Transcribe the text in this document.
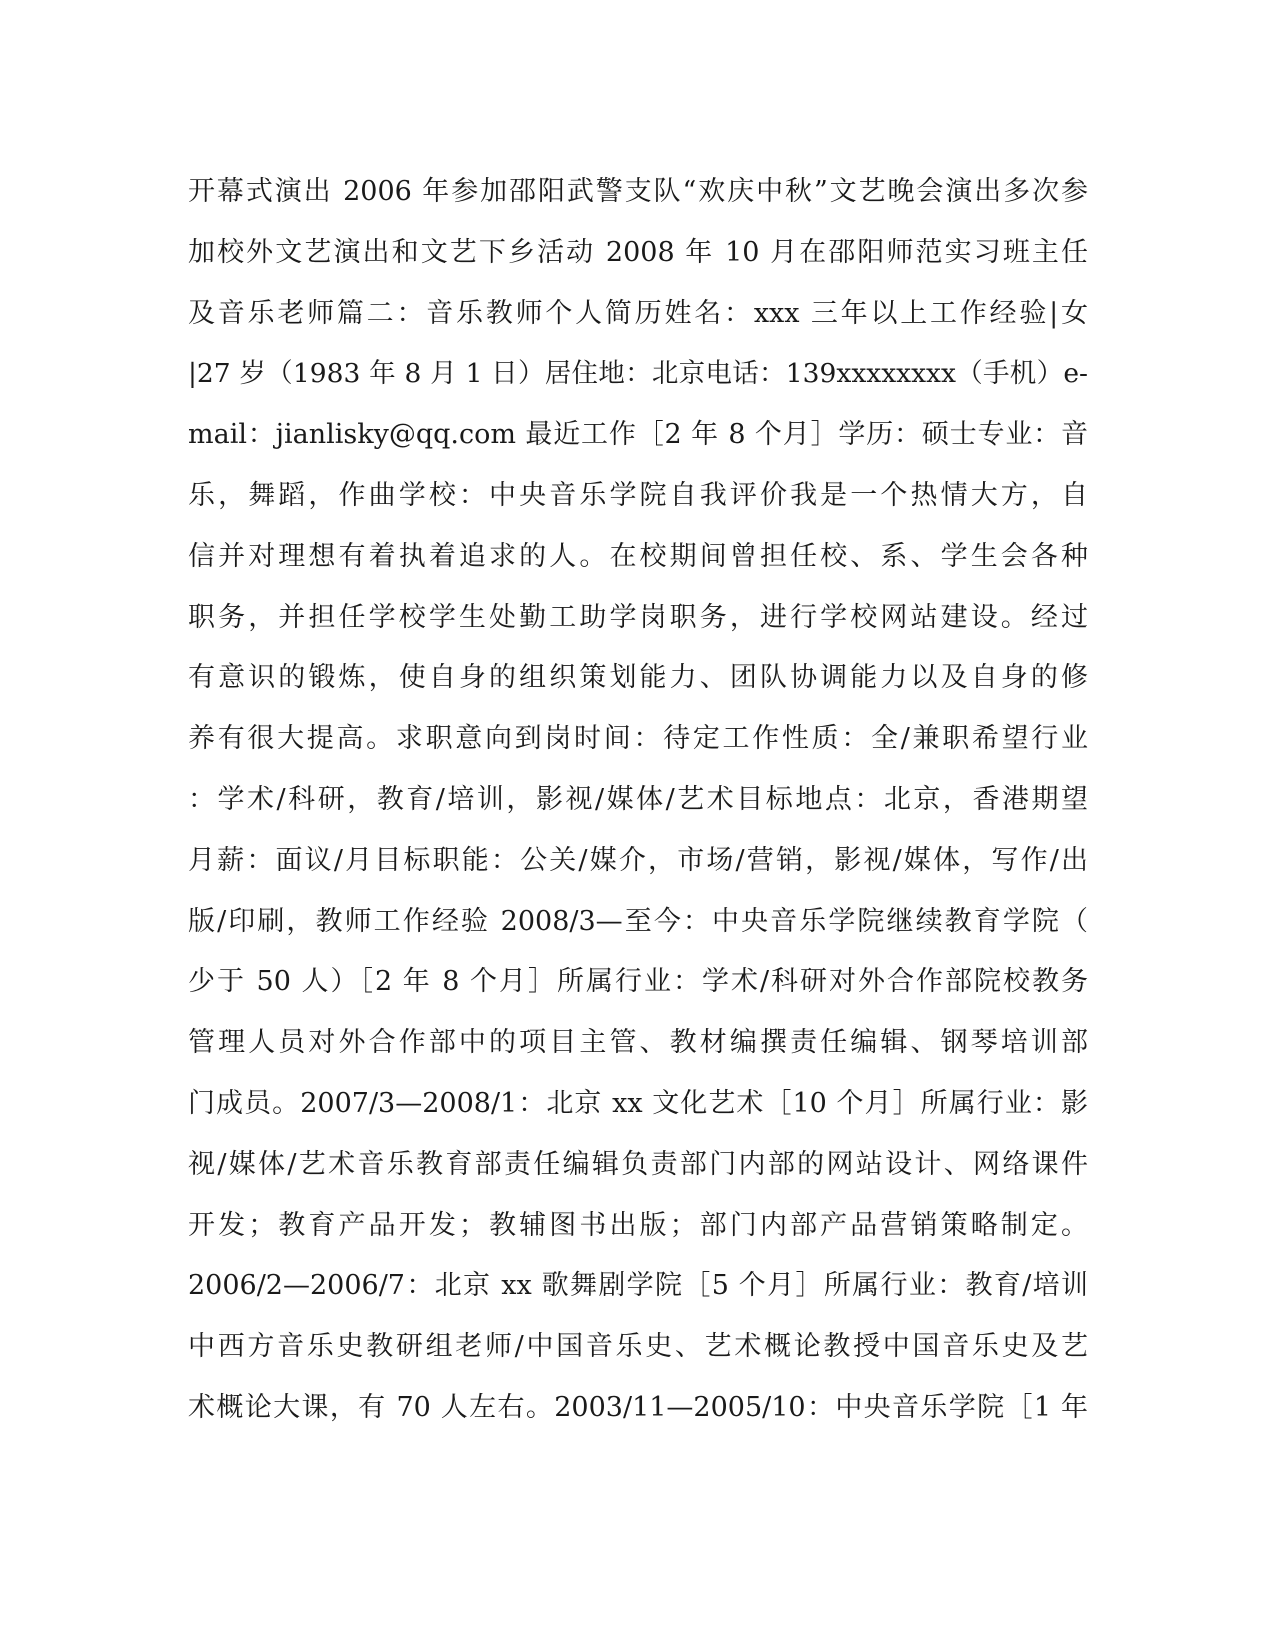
开幕式演出 2006 年参加邵阳武警支队“欢庆中秋”文艺晚会演出多次参
加校外文艺演出和文艺下乡活动 2008 年 10 月在邵阳师范实习班主任
及音乐老师篇二：音乐教师个人简历姓名：xxx 三年以上工作经验|女
|27 岁（1983 年 8 月 1 日）居住地：北京电话：139xxxxxxxx（手机）e-
mail：jianlisky@qq.com 最近工作［2 年 8 个月］学历：硕士专业：音
乐，舞蹈，作曲学校：中央音乐学院自我评价我是一个热情大方，自
信并对理想有着执着追求的人。在校期间曾担任校、系、学生会各种
职务，并担任学校学生处勤工助学岗职务，进行学校网站建设。经过
有意识的锻炼，使自身的组织策划能力、团队协调能力以及自身的修
养有很大提高。求职意向到岗时间：待定工作性质：全/兼职希望行业
：学术/科研，教育/培训，影视/媒体/艺术目标地点：北京，香港期望
月薪：面议/月目标职能：公关/媒介，市场/营销，影视/媒体，写作/出
版/印刷，教师工作经验 2008/3—至今：中央音乐学院继续教育学院（
少于 50 人）［2 年 8 个月］所属行业：学术/科研对外合作部院校教务
管理人员对外合作部中的项目主管、教材编撰责任编辑、钢琴培训部
门成员。2007/3—2008/1：北京 xx 文化艺术［10 个月］所属行业：影
视/媒体/艺术音乐教育部责任编辑负责部门内部的网站设计、网络课件
开发；教育产品开发；教辅图书出版；部门内部产品营销策略制定。
2006/2—2006/7：北京 xx 歌舞剧学院［5 个月］所属行业：教育/培训
中西方音乐史教研组老师/中国音乐史、艺术概论教授中国音乐史及艺
术概论大课，有 70 人左右。2003/11—2005/10：中央音乐学院［1 年
